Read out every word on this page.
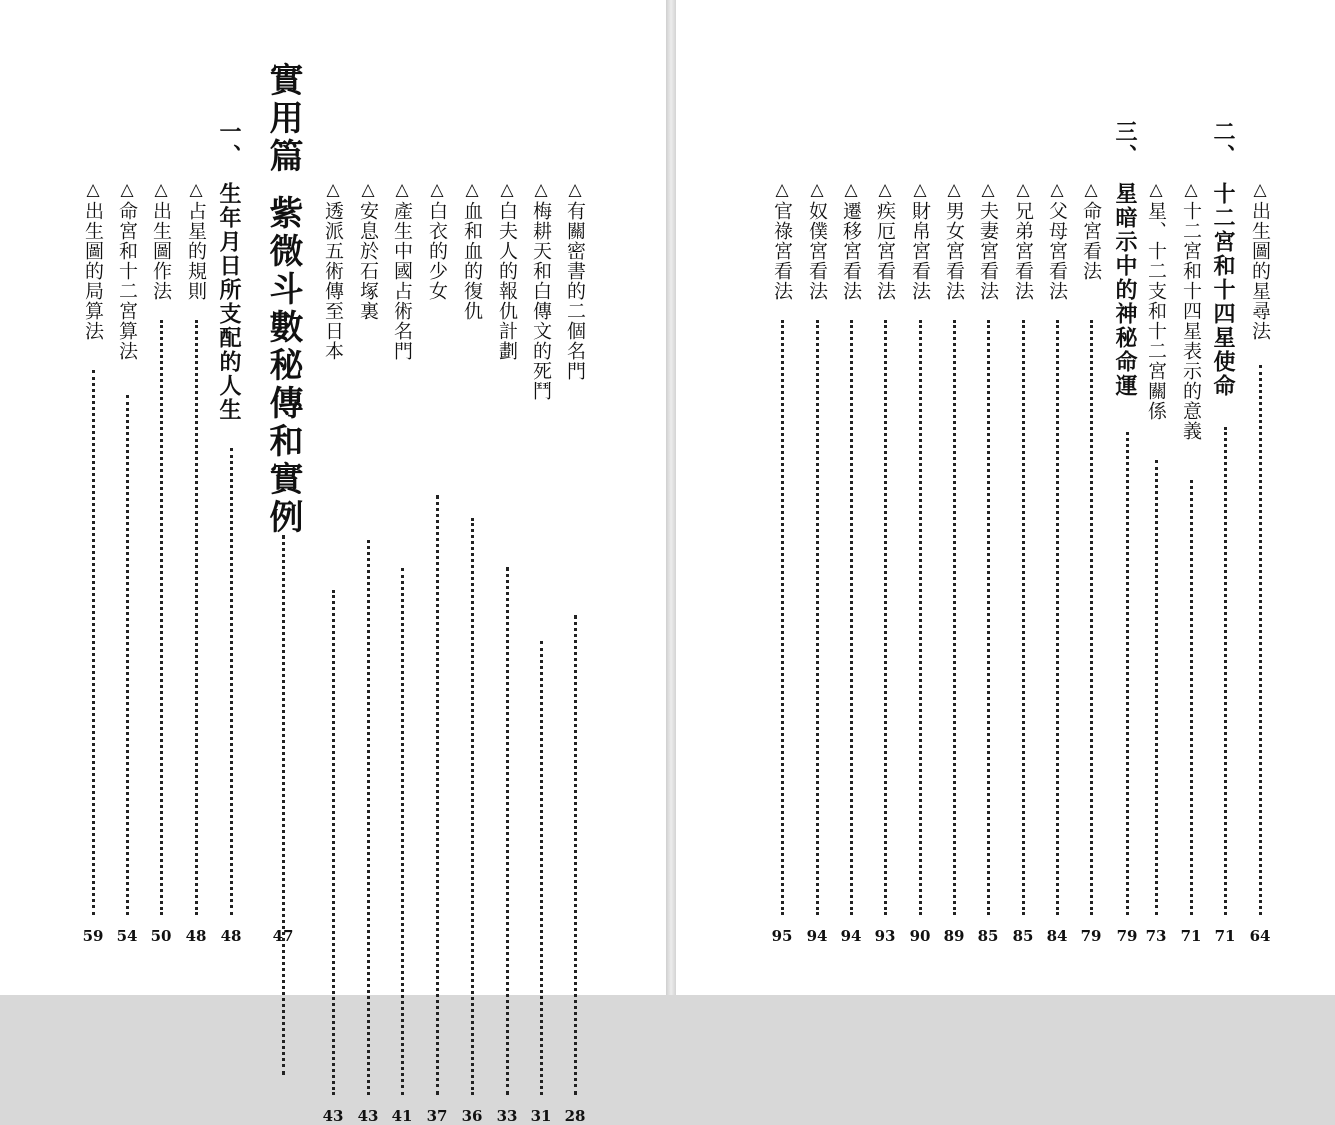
△有關密書的二個名門
28
△梅耕天和白傳文的死鬥
31
△白夫人的報仇計劃
33
△血和血的復仇
36
△白衣的少女
37
△產生中國占術名門
41
△安息於石塚裏
43
△透派五術傳至日本
43
實用篇
紫微斗數秘傳和實例
47
一、
生年月日所支配的人生
48
△占星的規則
48
△出生圖作法
50
△命宮和十二宮算法
54
△出生圖的局算法
59
△出生圖的星尋法
64
二、
十二宮和十四星使命
71
△十二宮和十四星表示的意義
71
△星、十二支和十二宮關係
73
三、
星暗示中的神秘命運
79
△命宮看法
79
△父母宮看法
84
△兄弟宮看法
85
△夫妻宮看法
85
△男女宮看法
89
△財帛宮看法
90
△疾厄宮看法
93
△遷移宮看法
94
△奴僕宮看法
94
△官祿宮看法
95
